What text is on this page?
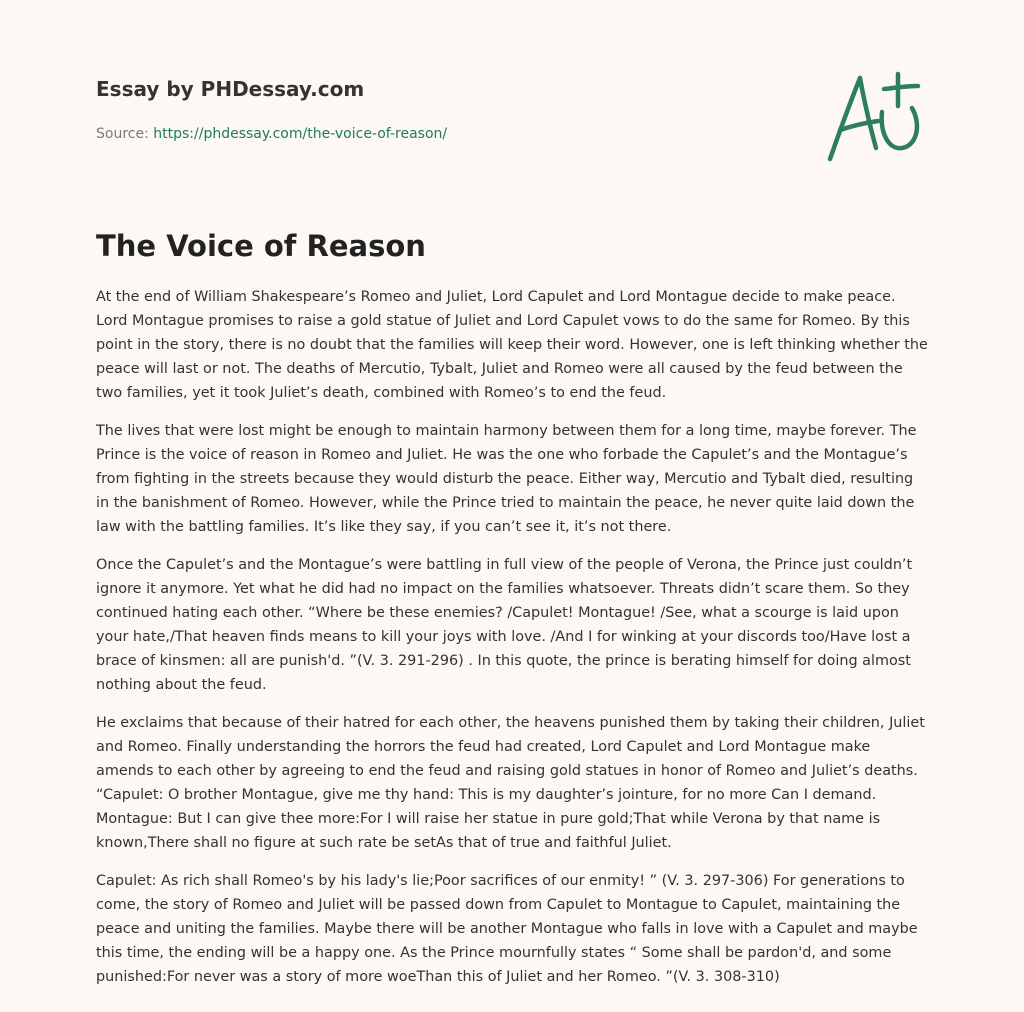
Essay by PHDessay.com
Source: https://phdessay.com/the-voice-of-reason/
The Voice of Reason

At the end of William Shakespeare’s Romeo and Juliet, Lord Capulet and Lord Montague decide to make peace. Lord Montague promises to raise a gold statue of Juliet and Lord Capulet vows to do the same for Romeo. By this point in the story, there is no doubt that the families will keep their word. However, one is left thinking whether the peace will last or not. The deaths of Mercutio, Tybalt, Juliet and Romeo were all caused by the feud between the two families, yet it took Juliet’s death, combined with Romeo’s to end the feud.

The lives that were lost might be enough to maintain harmony between them for a long time, maybe forever. The Prince is the voice of reason in Romeo and Juliet. He was the one who forbade the Capulet’s and the Montague’s from fighting in the streets because they would disturb the peace. Either way, Mercutio and Tybalt died, resulting in the banishment of Romeo. However, while the Prince tried to maintain the peace, he never quite laid down the law with the battling families. It’s like they say, if you can’t see it, it’s not there.

Once the Capulet’s and the Montague’s were battling in full view of the people of Verona, the Prince just couldn’t ignore it anymore. Yet what he did had no impact on the families whatsoever. Threats didn’t scare them. So they continued hating each other. “Where be these enemies? /Capulet! Montague! /See, what a scourge is laid upon your hate,/That heaven finds means to kill your joys with love. /And I for winking at your discords too/Have lost a brace of kinsmen: all are punish'd. ”(V. 3. 291-296) . In this quote, the prince is berating himself for doing almost nothing about the feud.

He exclaims that because of their hatred for each other, the heavens punished them by taking their children, Juliet and Romeo. Finally understanding the horrors the feud had created, Lord Capulet and Lord Montague make amends to each other by agreeing to end the feud and raising gold statues in honor of Romeo and Juliet’s deaths. “Capulet: O brother Montague, give me thy hand: This is my daughter’s jointure, for no more Can I demand. Montague: But I can give thee more:For I will raise her statue in pure gold;That while Verona by that name is known,There shall no figure at such rate be setAs that of true and faithful Juliet.

Capulet: As rich shall Romeo's by his lady's lie;Poor sacrifices of our enmity! ” (V. 3. 297-306) For generations to come, the story of Romeo and Juliet will be passed down from Capulet to Montague to Capulet, maintaining the peace and uniting the families. Maybe there will be another Montague who falls in love with a Capulet and maybe this time, the ending will be a happy one. As the Prince mournfully states “ Some shall be pardon'd, and some punished:For never was a story of more woeThan this of Juliet and her Romeo. ”(V. 3. 308-310)
